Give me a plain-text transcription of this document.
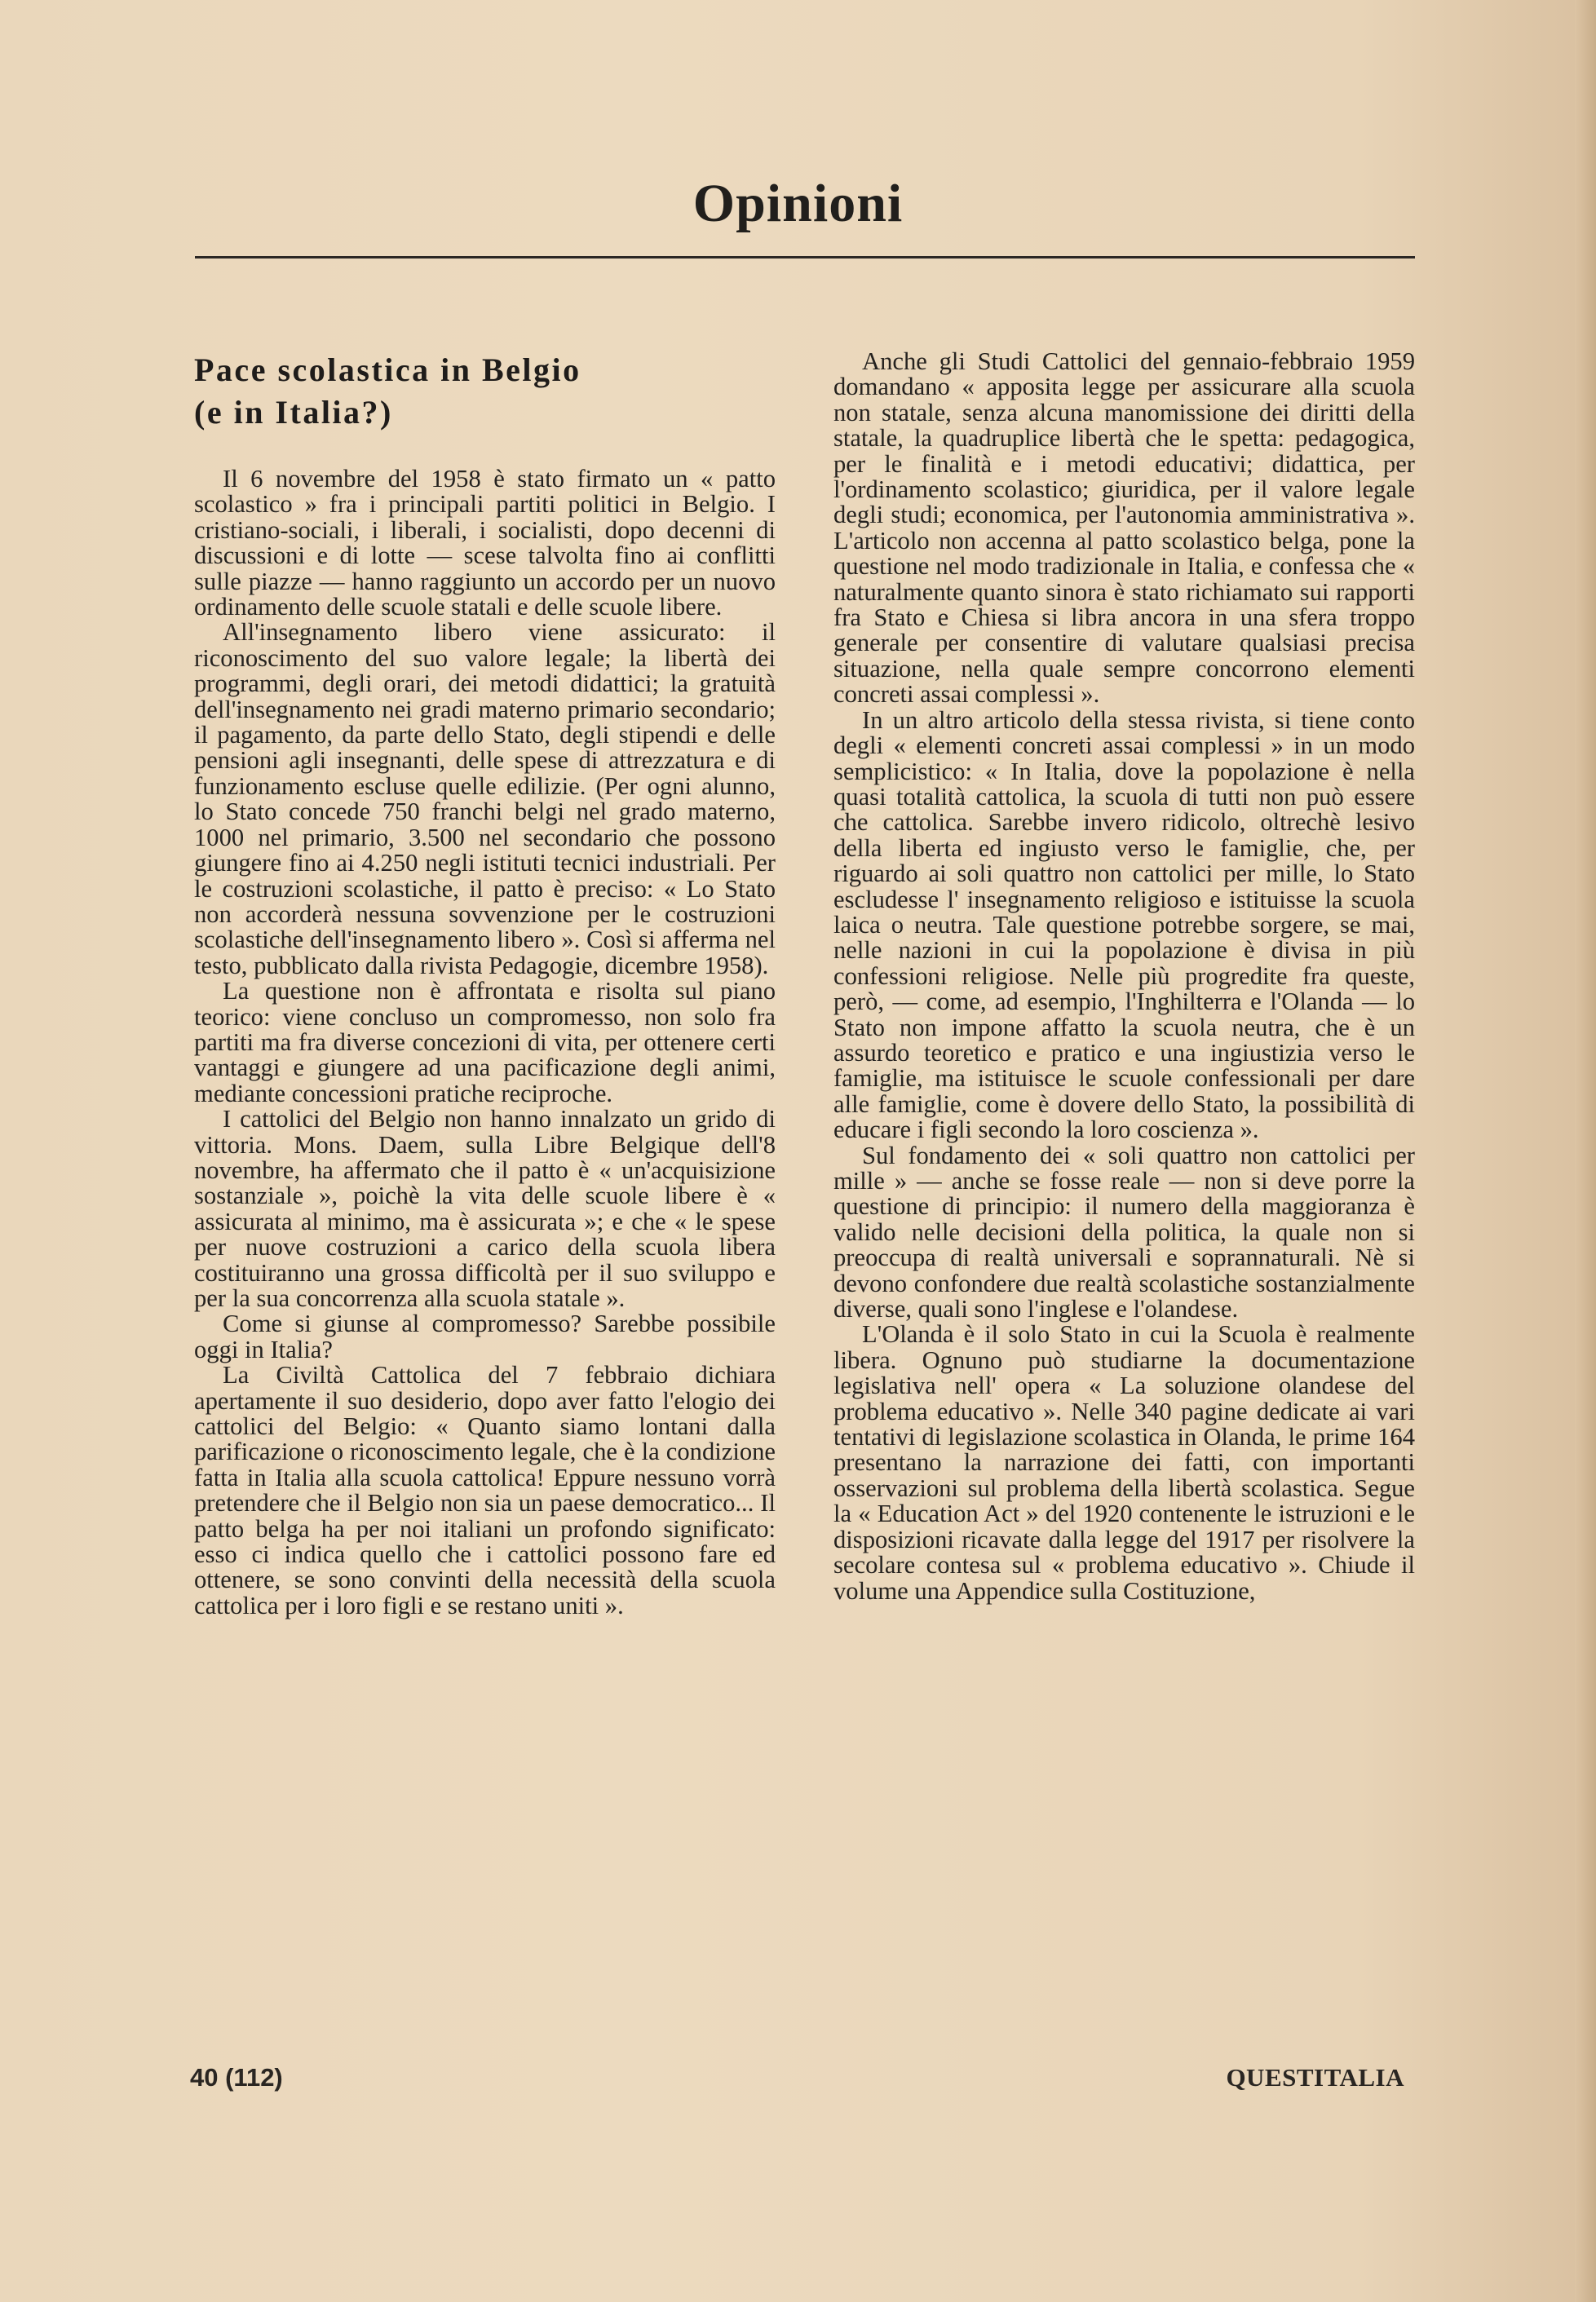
Opinioni
Pace scolastica in Belgio
(e in Italia?)

Il 6 novembre del 1958 è stato firmato un « patto scolastico » fra i principali partiti politici in Belgio. I cristiano-sociali, i liberali, i socialisti, dopo decenni di discussioni e di lotte — scese talvolta fino ai conflitti sulle piazze — hanno raggiunto un accordo per un nuovo ordinamento delle scuole statali e delle scuole libere.

All'insegnamento libero viene assicurato: il riconoscimento del suo valore legale; la libertà dei programmi, degli orari, dei metodi didattici; la gratuità dell'insegnamento nei gradi materno primario secondario; il pagamento, da parte dello Stato, degli stipendi e delle pensioni agli insegnanti, delle spese di attrezzatura e di funzionamento escluse quelle edilizie. (Per ogni alunno, lo Stato concede 750 franchi belgi nel grado materno, 1000 nel primario, 3.500 nel secondario che possono giungere fino ai 4.250 negli istituti tecnici industriali. Per le costruzioni scolastiche, il patto è preciso: « Lo Stato non accorderà nessuna sovvenzione per le costruzioni scolastiche dell'insegnamento libero ». Così si afferma nel testo, pubblicato dalla rivista Pedagogie, dicembre 1958).

La questione non è affrontata e risolta sul piano teorico: viene concluso un compromesso, non solo fra partiti ma fra diverse concezioni di vita, per ottenere certi vantaggi e giungere ad una pacificazione degli animi, mediante concessioni pratiche reciproche.

I cattolici del Belgio non hanno innalzato un grido di vittoria. Mons. Daem, sulla Libre Belgique dell'8 novembre, ha affermato che il patto è « un'acquisizione sostanziale », poichè la vita delle scuole libere è « assicurata al minimo, ma è assicurata »; e che « le spese per nuove costruzioni a carico della scuola libera costituiranno una grossa difficoltà per il suo sviluppo e per la sua concorrenza alla scuola statale ».

Come si giunse al compromesso? Sarebbe possibile oggi in Italia?

La Civiltà Cattolica del 7 febbraio dichiara apertamente il suo desiderio, dopo aver fatto l'elogio dei cattolici del Belgio: « Quanto siamo lontani dalla parificazione o riconoscimento legale, che è la condizione fatta in Italia alla scuola cattolica! Eppure nessuno vorrà pretendere che il Belgio non sia un paese democratico... Il patto belga ha per noi italiani un profondo significato: esso ci indica quello che i cattolici possono fare ed ottenere, se sono convinti della necessità della scuola cattolica per i loro figli e se restano uniti ».

Anche gli Studi Cattolici del gennaio-febbraio 1959 domandano « apposita legge per assicurare alla scuola non statale, senza alcuna manomissione dei diritti della statale, la quadruplice libertà che le spetta: pedagogica, per le finalità e i metodi educativi; didattica, per l'ordinamento scolastico; giuridica, per il valore legale degli studi; economica, per l'autonomia amministrativa ». L'articolo non accenna al patto scolastico belga, pone la questione nel modo tradizionale in Italia, e confessa che « naturalmente quanto sinora è stato richiamato sui rapporti fra Stato e Chiesa si libra ancora in una sfera troppo generale per consentire di valutare qualsiasi precisa situazione, nella quale sempre concorrono elementi concreti assai complessi ».

In un altro articolo della stessa rivista, si tiene conto degli « elementi concreti assai complessi » in un modo semplicistico: « In Italia, dove la popolazione è nella quasi totalità cattolica, la scuola di tutti non può essere che cattolica. Sarebbe invero ridicolo, oltrechè lesivo della liberta ed ingiusto verso le famiglie, che, per riguardo ai soli quattro non cattolici per mille, lo Stato escludesse l' insegnamento religioso e istituisse la scuola laica o neutra. Tale questione potrebbe sorgere, se mai, nelle nazioni in cui la popolazione è divisa in più confessioni religiose. Nelle più progredite fra queste, però, — come, ad esempio, l'Inghilterra e l'Olanda — lo Stato non impone affatto la scuola neutra, che è un assurdo teoretico e pratico e una ingiustizia verso le famiglie, ma istituisce le scuole confessionali per dare alle famiglie, come è dovere dello Stato, la possibilità di educare i figli secondo la loro coscienza ».

Sul fondamento dei « soli quattro non cattolici per mille » — anche se fosse reale — non si deve porre la questione di principio: il numero della maggioranza è valido nelle decisioni della politica, la quale non si preoccupa di realtà universali e soprannaturali. Nè si devono confondere due realtà scolastiche sostanzialmente diverse, quali sono l'inglese e l'olandese.

L'Olanda è il solo Stato in cui la Scuola è realmente libera. Ognuno può studiarne la documentazione legislativa nell' opera « La soluzione olandese del problema educativo ». Nelle 340 pagine dedicate ai vari tentativi di legislazione scolastica in Olanda, le prime 164 presentano la narrazione dei fatti, con importanti osservazioni sul problema della libertà scolastica. Segue la « Education Act » del 1920 contenente le istruzioni e le disposizioni ricavate dalla legge del 1917 per risolvere la secolare contesa sul « problema educativo ». Chiude il volume una Appendice sulla Costituzione,

40 (112)	QUESTITALIA
